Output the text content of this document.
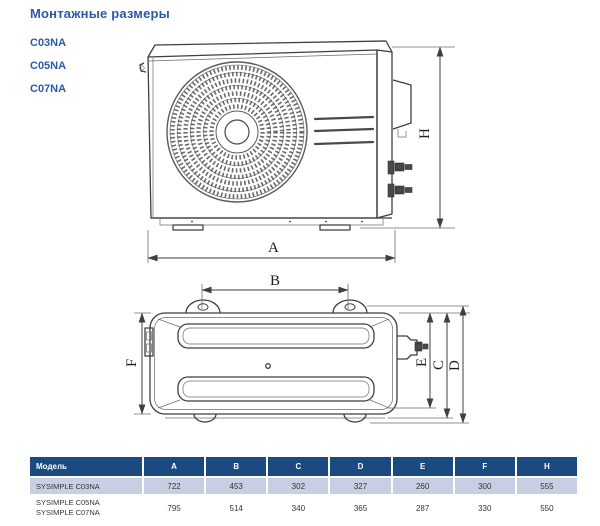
Монтажные размеры
C03NA
C05NA
C07NA
A
H
B
F	E C D
Модель	A	B	C	D	E	F	H
SYSIMPLE C03NA	722	453	302	327	260	300	555
SYSIMPLE C05NA
SYSIMPLE C07NA	795	514	340	365	287	330	550
